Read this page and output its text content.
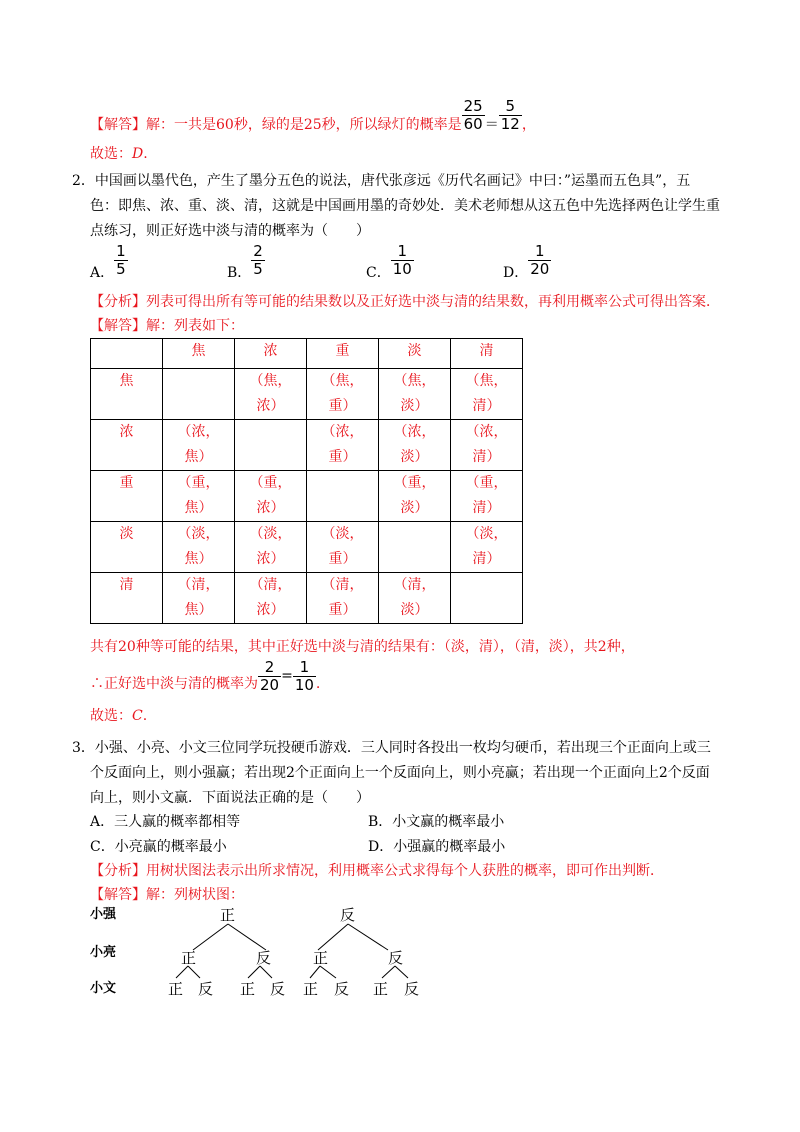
【解答】解：一共是60秒，绿的是25秒，所以绿灯的概率是 $\frac{25}{60} = \frac{5}{12}$ ，
故选：D.
2．中国画以墨代色，产生了墨分五色的说法，唐代张彦远《历代名画记》中曰：”运墨而五色具”，五
色：即焦、浓、重、淡、清，这就是中国画用墨的奇妙处．美术老师想从这五色中先选择两色让学生重
点练习，则正好选中淡与清的概率为（　　）
A． $\frac{1}{5}$	B． $\frac{2}{5}$	C． $\frac{1}{10}$	D． $\frac{1}{20}$
【分析】列表可得出所有等可能的结果数以及正好选中淡与清的结果数，再利用概率公式可得出答案．
【解答】解：列表如下：
	焦	浓	重	淡	清
焦		（焦，
浓）	（焦，
重）	（焦，
淡）	（焦，
清）
浓	（浓，
焦）		（浓，
重）	（浓，
淡）	（浓，
清）
重	（重，
焦）	（重，
浓）		（重，
淡）	（重，
清）
淡	（淡，
焦）	（淡，
浓）	（淡，
重）		（淡，
清）
清	（清，
焦）	（清，
浓）	（清，
重）	（清，
淡）	
共有20种等可能的结果，其中正好选中淡与清的结果有：（淡，清），（清，淡），共2种，
∴正好选中淡与清的概率为 $\frac{2}{20} = \frac{1}{10}$ .
故选：C.
3．小强、小亮、小文三位同学玩投硬币游戏．三人同时各投出一枚均匀硬币，若出现三个正面向上或三
个反面向上，则小强赢；若出现2个正面向上一个反面向上，则小亮赢；若出现一个正面向上2个反面
向上，则小文赢．下面说法正确的是（　　）
A．三人赢的概率都相等	B．小文赢的概率最小
C．小亮赢的概率最小	D．小强赢的概率最小
【分析】用树状图法表示出所求情况，利用概率公式求得每个人获胜的概率，即可作出判断．
【解答】解：列树状图：
小强
小亮
小文
正	反
正	反	正	反
正 反 正 反 正 反 正 反
